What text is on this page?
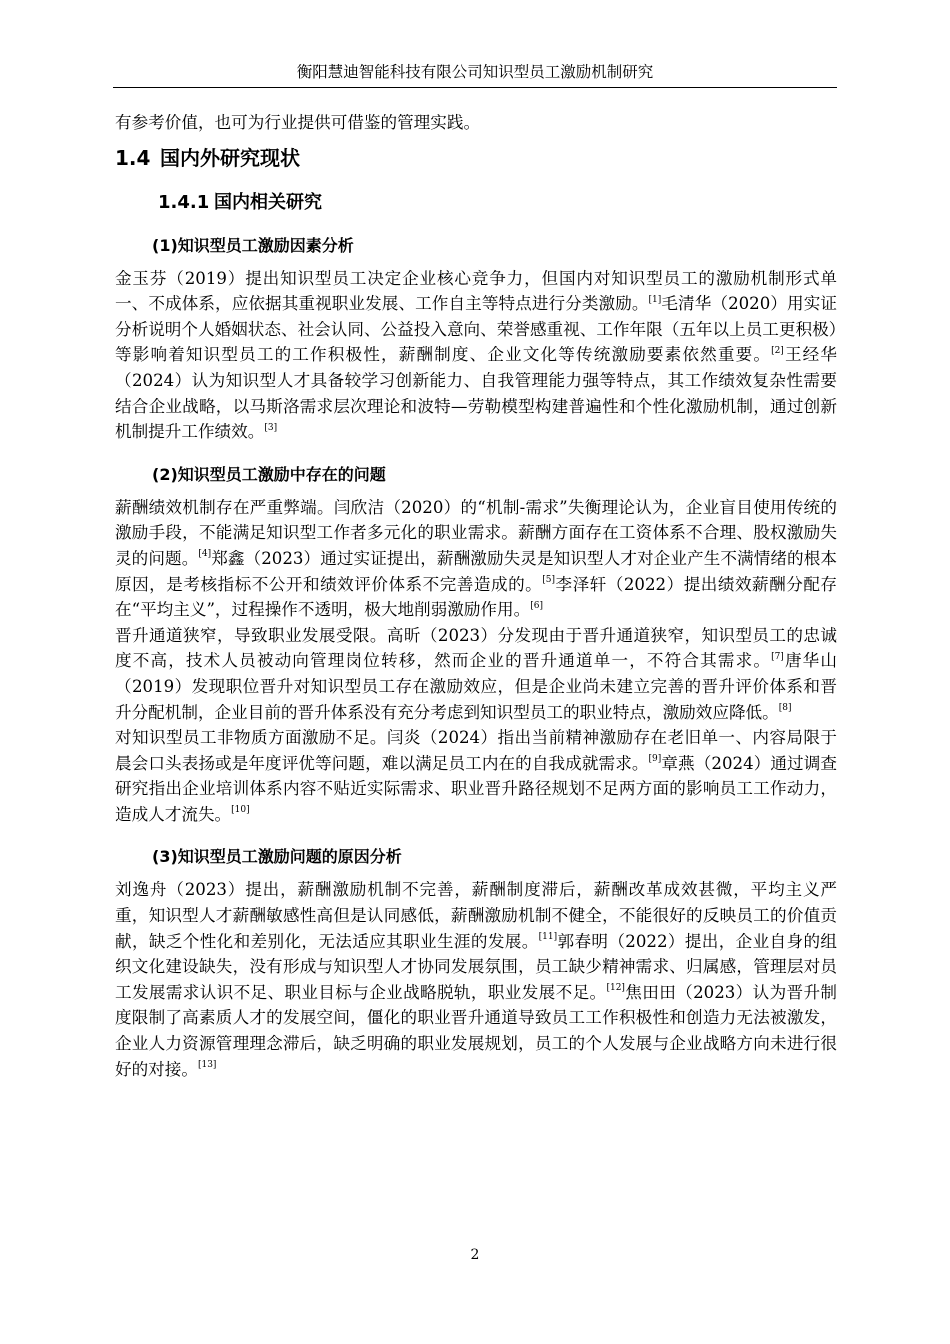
衡阳慧迪智能科技有限公司知识型员工激励机制研究

有参考价值，也可为行业提供可借鉴的管理实践。

1.4 国内外研究现状
1.4.1 国内相关研究
(1)知识型员工激励因素分析

金玉芬（2019）提出知识型员工决定企业核心竞争力，但国内对知识型员工的激励机制形式单一、不成体系，应依据其重视职业发展、工作自主等特点进行分类激励。[1]毛清华（2020）用实证分析说明个人婚姻状态、社会认同、公益投入意向、荣誉感重视、工作年限（五年以上员工更积极）等影响着知识型员工的工作积极性，薪酬制度、企业文化等传统激励要素依然重要。[2]王经华（2024）认为知识型人才具备较学习创新能力、自我管理能力强等特点，其工作绩效复杂性需要结合企业战略，以马斯洛需求层次理论和波特—劳勒模型构建普遍性和个性化激励机制，通过创新机制提升工作绩效。[3]

(2)知识型员工激励中存在的问题

薪酬绩效机制存在严重弊端。闫欣洁（2020）的“机制-需求”失衡理论认为，企业盲目使用传统的激励手段，不能满足知识型工作者多元化的职业需求。薪酬方面存在工资体系不合理、股权激励失灵的问题。[4]郑鑫（2023）通过实证提出，薪酬激励失灵是知识型人才对企业产生不满情绪的根本原因，是考核指标不公开和绩效评价体系不完善造成的。[5]李泽轩（2022）提出绩效薪酬分配存在“平均主义”，过程操作不透明，极大地削弱激励作用。[6]

晋升通道狭窄，导致职业发展受限。高昕（2023）分发现由于晋升通道狭窄，知识型员工的忠诚度不高，技术人员被动向管理岗位转移，然而企业的晋升通道单一，不符合其需求。[7]唐华山（2019）发现职位晋升对知识型员工存在激励效应，但是企业尚未建立完善的晋升评价体系和晋升分配机制，企业目前的晋升体系没有充分考虑到知识型员工的职业特点，激励效应降低。[8]

对知识型员工非物质方面激励不足。闫炎（2024）指出当前精神激励存在老旧单一、内容局限于晨会口头表扬或是年度评优等问题，难以满足员工内在的自我成就需求。[9]章燕（2024）通过调查研究指出企业培训体系内容不贴近实际需求、职业晋升路径规划不足两方面的影响员工工作动力，造成人才流失。[10]

(3)知识型员工激励问题的原因分析

刘逸舟（2023）提出，薪酬激励机制不完善，薪酬制度滞后，薪酬改革成效甚微，平均主义严重，知识型人才薪酬敏感性高但是认同感低，薪酬激励机制不健全，不能很好的反映员工的价值贡献，缺乏个性化和差别化，无法适应其职业生涯的发展。[11]郭春明（2022）提出，企业自身的组织文化建设缺失，没有形成与知识型人才协同发展氛围，员工缺少精神需求、归属感，管理层对员工发展需求认识不足、职业目标与企业战略脱轨，职业发展不足。[12]焦田田（2023）认为晋升制度限制了高素质人才的发展空间，僵化的职业晋升通道导致员工工作积极性和创造力无法被激发，企业人力资源管理理念滞后，缺乏明确的职业发展规划，员工的个人发展与企业战略方向未进行很好的对接。[13]

2
